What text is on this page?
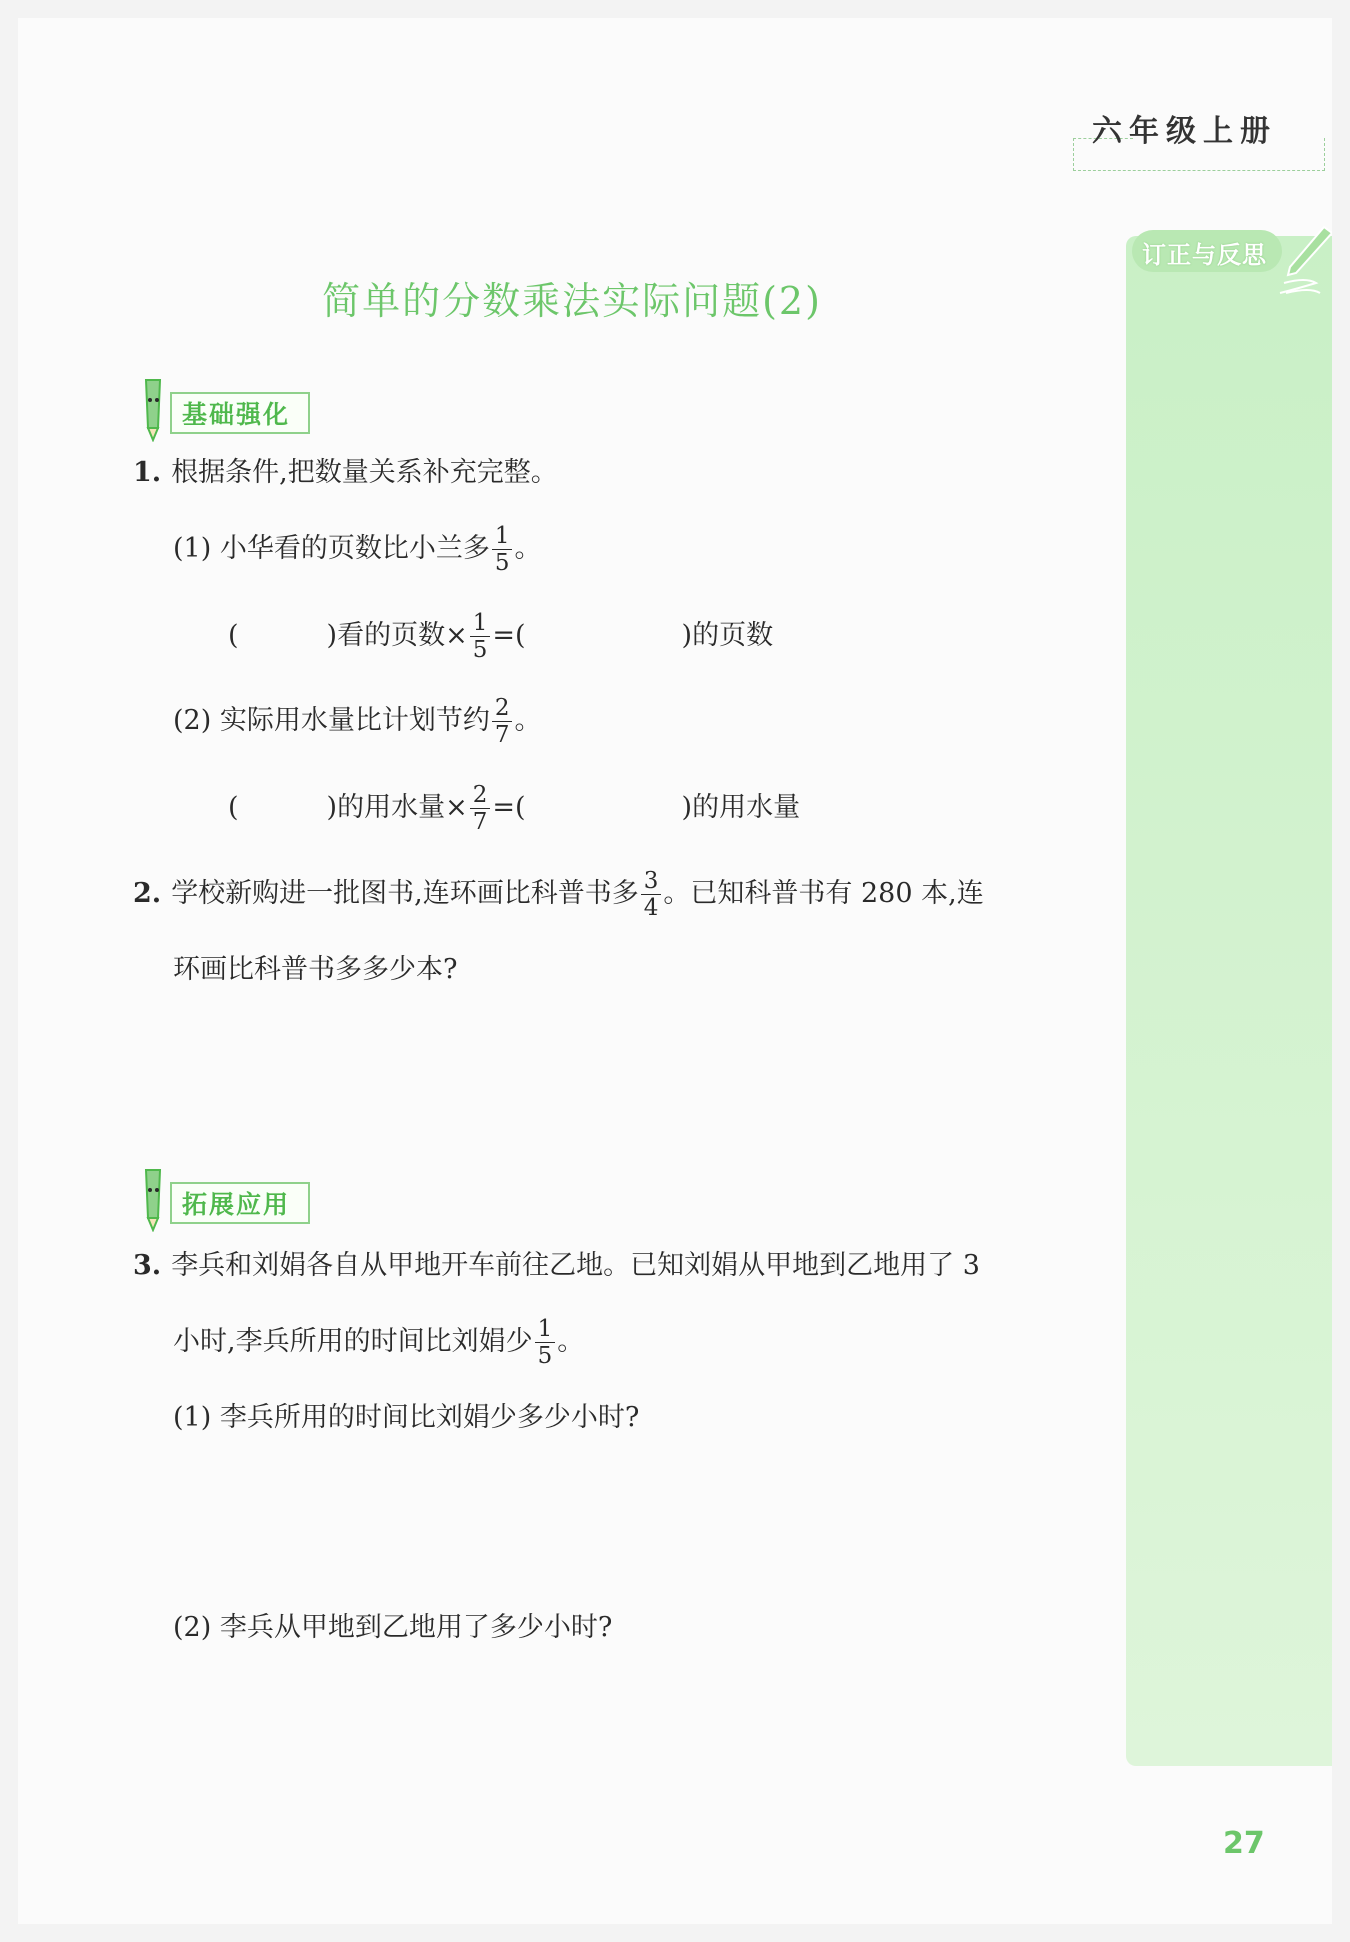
六年级上册
订正与反思
简单的分数乘法实际问题(2)
基础强化
1. 根据条件,把数量关系补充完整。
(1) 小华看的页数比小兰多 $\frac{1}{5}$ 。
(	)看的页数× $\frac{1}{5}$ =(	)的页数
(2) 实际用水量比计划节约 $\frac{2}{7}$ 。
(	)的用水量× $\frac{2}{7}$ =(	)的用水量
2. 学校新购进一批图书,连环画比科普书多 $\frac{3}{4}$ 。已知科普书有 280 本,连
环画比科普书多多少本?
拓展应用
3. 李兵和刘娟各自从甲地开车前往乙地。已知刘娟从甲地到乙地用了 3
小时,李兵所用的时间比刘娟少 $\frac{1}{5}$ 。
(1) 李兵所用的时间比刘娟少多少小时?
(2) 李兵从甲地到乙地用了多少小时?
27
